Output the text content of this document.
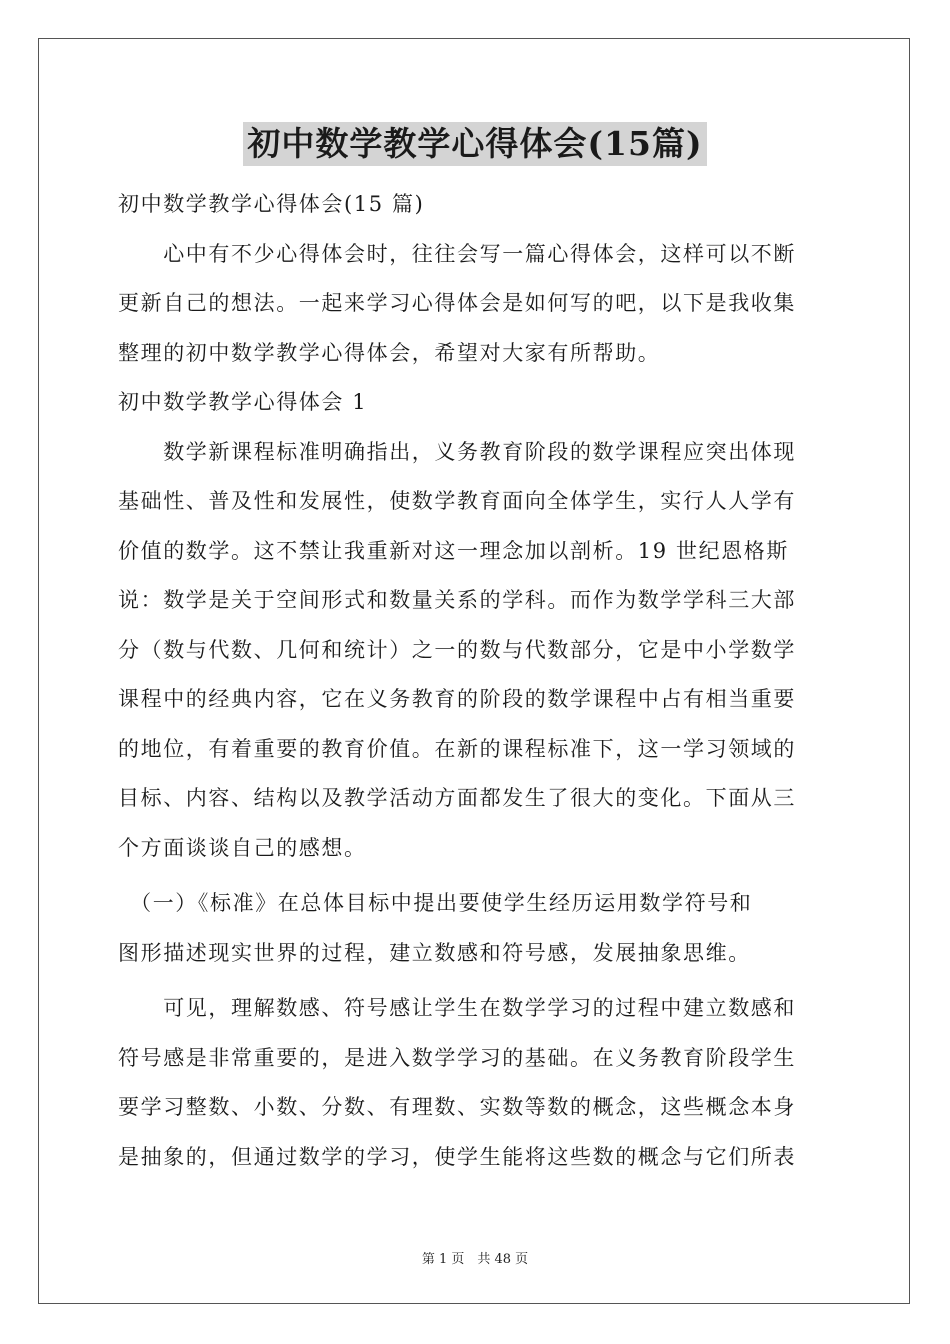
初中数学教学心得体会(15篇)
初中数学教学心得体会(15 篇)
　　心中有不少心得体会时，往往会写一篇心得体会，这样可以不断
更新自己的想法。一起来学习心得体会是如何写的吧，以下是我收集
整理的初中数学教学心得体会，希望对大家有所帮助。
初中数学教学心得体会 1
　　数学新课程标准明确指出，义务教育阶段的数学课程应突出体现
基础性、普及性和发展性，使数学教育面向全体学生，实行人人学有
价值的数学。这不禁让我重新对这一理念加以剖析。19 世纪恩格斯
说：数学是关于空间形式和数量关系的学科。而作为数学学科三大部
分（数与代数、几何和统计）之一的数与代数部分，它是中小学数学
课程中的经典内容，它在义务教育的阶段的数学课程中占有相当重要
的地位，有着重要的教育价值。在新的课程标准下，这一学习领域的
目标、内容、结构以及教学活动方面都发生了很大的变化。下面从三
个方面谈谈自己的感想。
　（一）《标准》在总体目标中提出要使学生经历运用数学符号和
图形描述现实世界的过程，建立数感和符号感，发展抽象思维。
　　可见，理解数感、符号感让学生在数学学习的过程中建立数感和
符号感是非常重要的，是进入数学学习的基础。在义务教育阶段学生
要学习整数、小数、分数、有理数、实数等数的概念，这些概念本身
是抽象的，但通过数学的学习，使学生能将这些数的概念与它们所表
第 1 页　共 48 页
